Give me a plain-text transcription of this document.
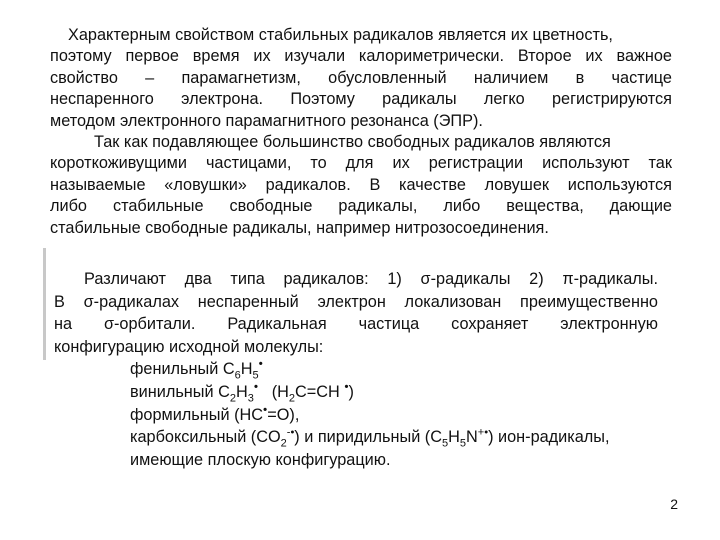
Характерным свойством стабильных радикалов является их цветность,
поэтому первое время их изучали калориметрически. Второе их важное
свойство – парамагнетизм, обусловленный наличием в частице
неспаренного электрона. Поэтому радикалы легко регистрируются
методом электронного парамагнитного резонанса (ЭПР).
Так как подавляющее большинство свободных радикалов являются
короткоживущими частицами, то для их регистрации используют так
называемые «ловушки» радикалов. В качестве ловушек используются
либо стабильные свободные радикалы, либо вещества, дающие
стабильные свободные радикалы, например нитрозосоединения.
Различают два типа радикалов: 1) σ-радикалы 2) π-радикалы.
В σ-радикалах неспаренный электрон локализован преимущественно
на σ-орбитали. Радикальная частица сохраняет электронную
конфигурацию исходной молекулы:
фенильный $C_6H_5^•$
винильный $C_2H_3^•$ ($H_2C=CH$ •)
формильный (HC•=O),
карбоксильный $(CO_2^{-•})$ и пиридильный $(C_5H_5N^{+•})$ ион-радикалы,
имеющие плоскую конфигурацию.
2
